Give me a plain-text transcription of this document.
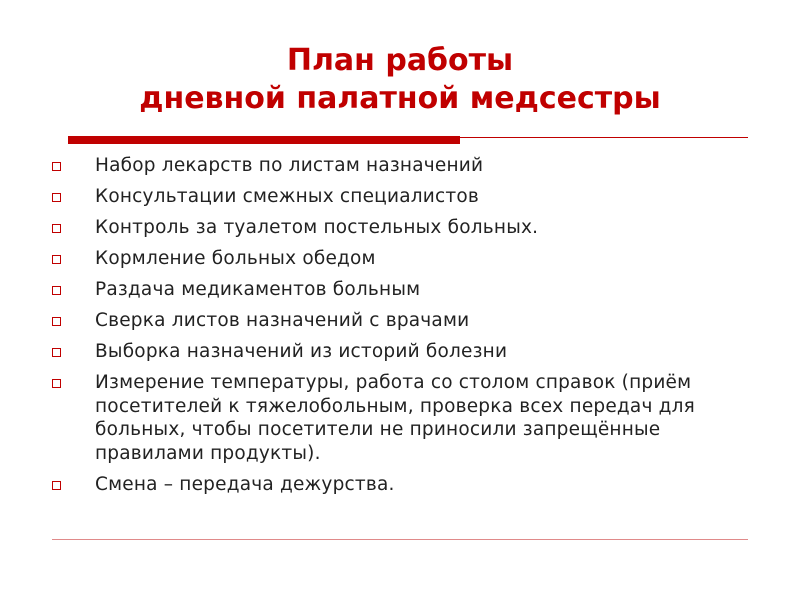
План работы
дневной палатной медсестры
Набор лекарств по листам назначений
Консультации смежных специалистов
Контроль за туалетом постельных больных.
Кормление больных обедом
Раздача медикаментов больным
Сверка листов назначений с врачами
Выборка назначений из историй болезни
Измерение температуры, работа со столом справок (приём посетителей к тяжелобольным, проверка всех передач для больных, чтобы посетители не приносили запрещённые правилами продукты).
Смена – передача дежурства.
